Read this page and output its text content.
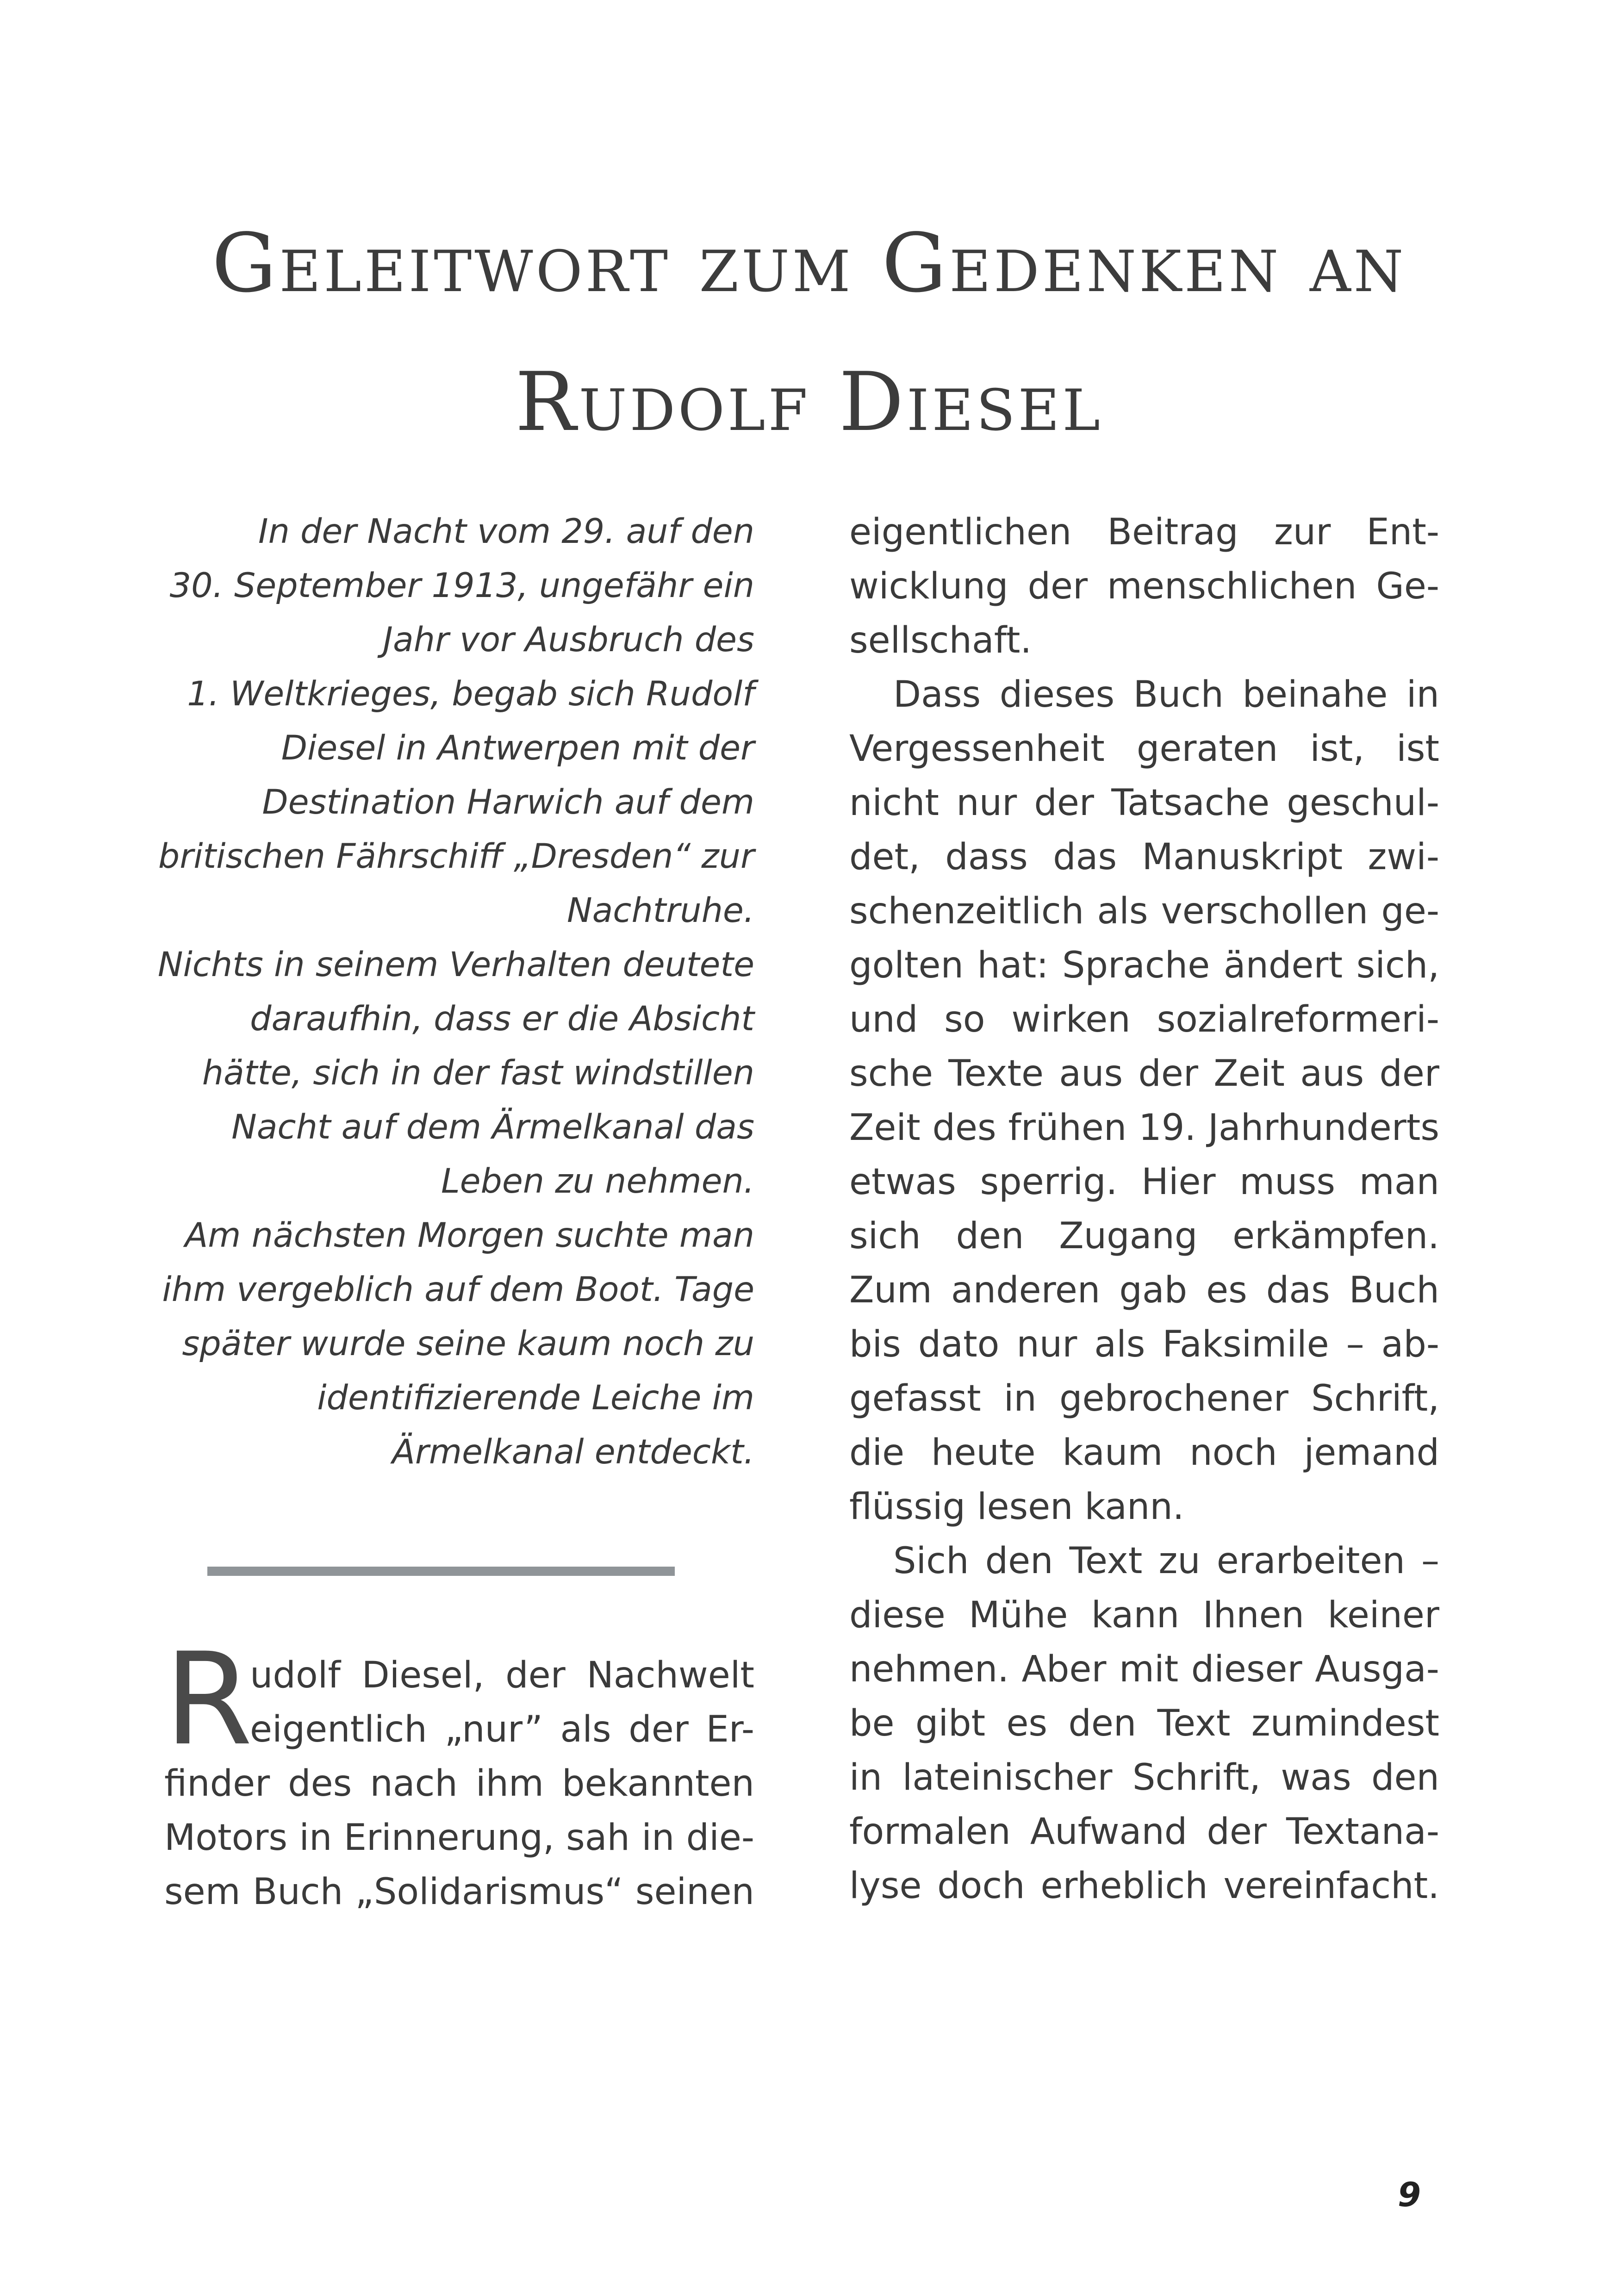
Geleitwort zum Gedenken an
Rudolf Diesel
In der Nacht vom 29. auf den
30. September 1913, ungefähr ein
Jahr vor Ausbruch des
1. Weltkrieges, begab sich Rudolf
Diesel in Antwerpen mit der
Destination Harwich auf dem
britischen Fährschiff „Dresden“ zur
Nachtruhe.
Nichts in seinem Verhalten deutete
daraufhin, dass er die Absicht
hätte, sich in der fast windstillen
Nacht auf dem Ärmelkanal das
Leben zu nehmen.
Am nächsten Morgen suchte man
ihm vergeblich auf dem Boot. Tage
später wurde seine kaum noch zu
identifizierende Leiche im
Ärmelkanal entdeckt.
R
udolf Diesel, der Nachwelt
eigentlich „nur” als der Er-
finder des nach ihm bekannten
Motors in Erinnerung, sah in die-
sem Buch „Solidarismus“ seinen
eigentlichen Beitrag zur Ent-
wicklung der menschlichen Ge-
sellschaft.
Dass dieses Buch beinahe in
Vergessenheit geraten ist, ist
nicht nur der Tatsache geschul-
det, dass das Manuskript zwi-
schenzeitlich als verschollen ge-
golten hat: Sprache ändert sich,
und so wirken sozialreformeri-
sche Texte aus der Zeit aus der
Zeit des frühen 19. Jahrhunderts
etwas sperrig. Hier muss man
sich den Zugang erkämpfen.
Zum anderen gab es das Buch
bis dato nur als Faksimile – ab-
gefasst in gebrochener Schrift,
die heute kaum noch jemand
flüssig lesen kann.
Sich den Text zu erarbeiten –
diese Mühe kann Ihnen keiner
nehmen. Aber mit dieser Ausga-
be gibt es den Text zumindest
in lateinischer Schrift, was den
formalen Aufwand der Textana-
lyse doch erheblich vereinfacht.
9
